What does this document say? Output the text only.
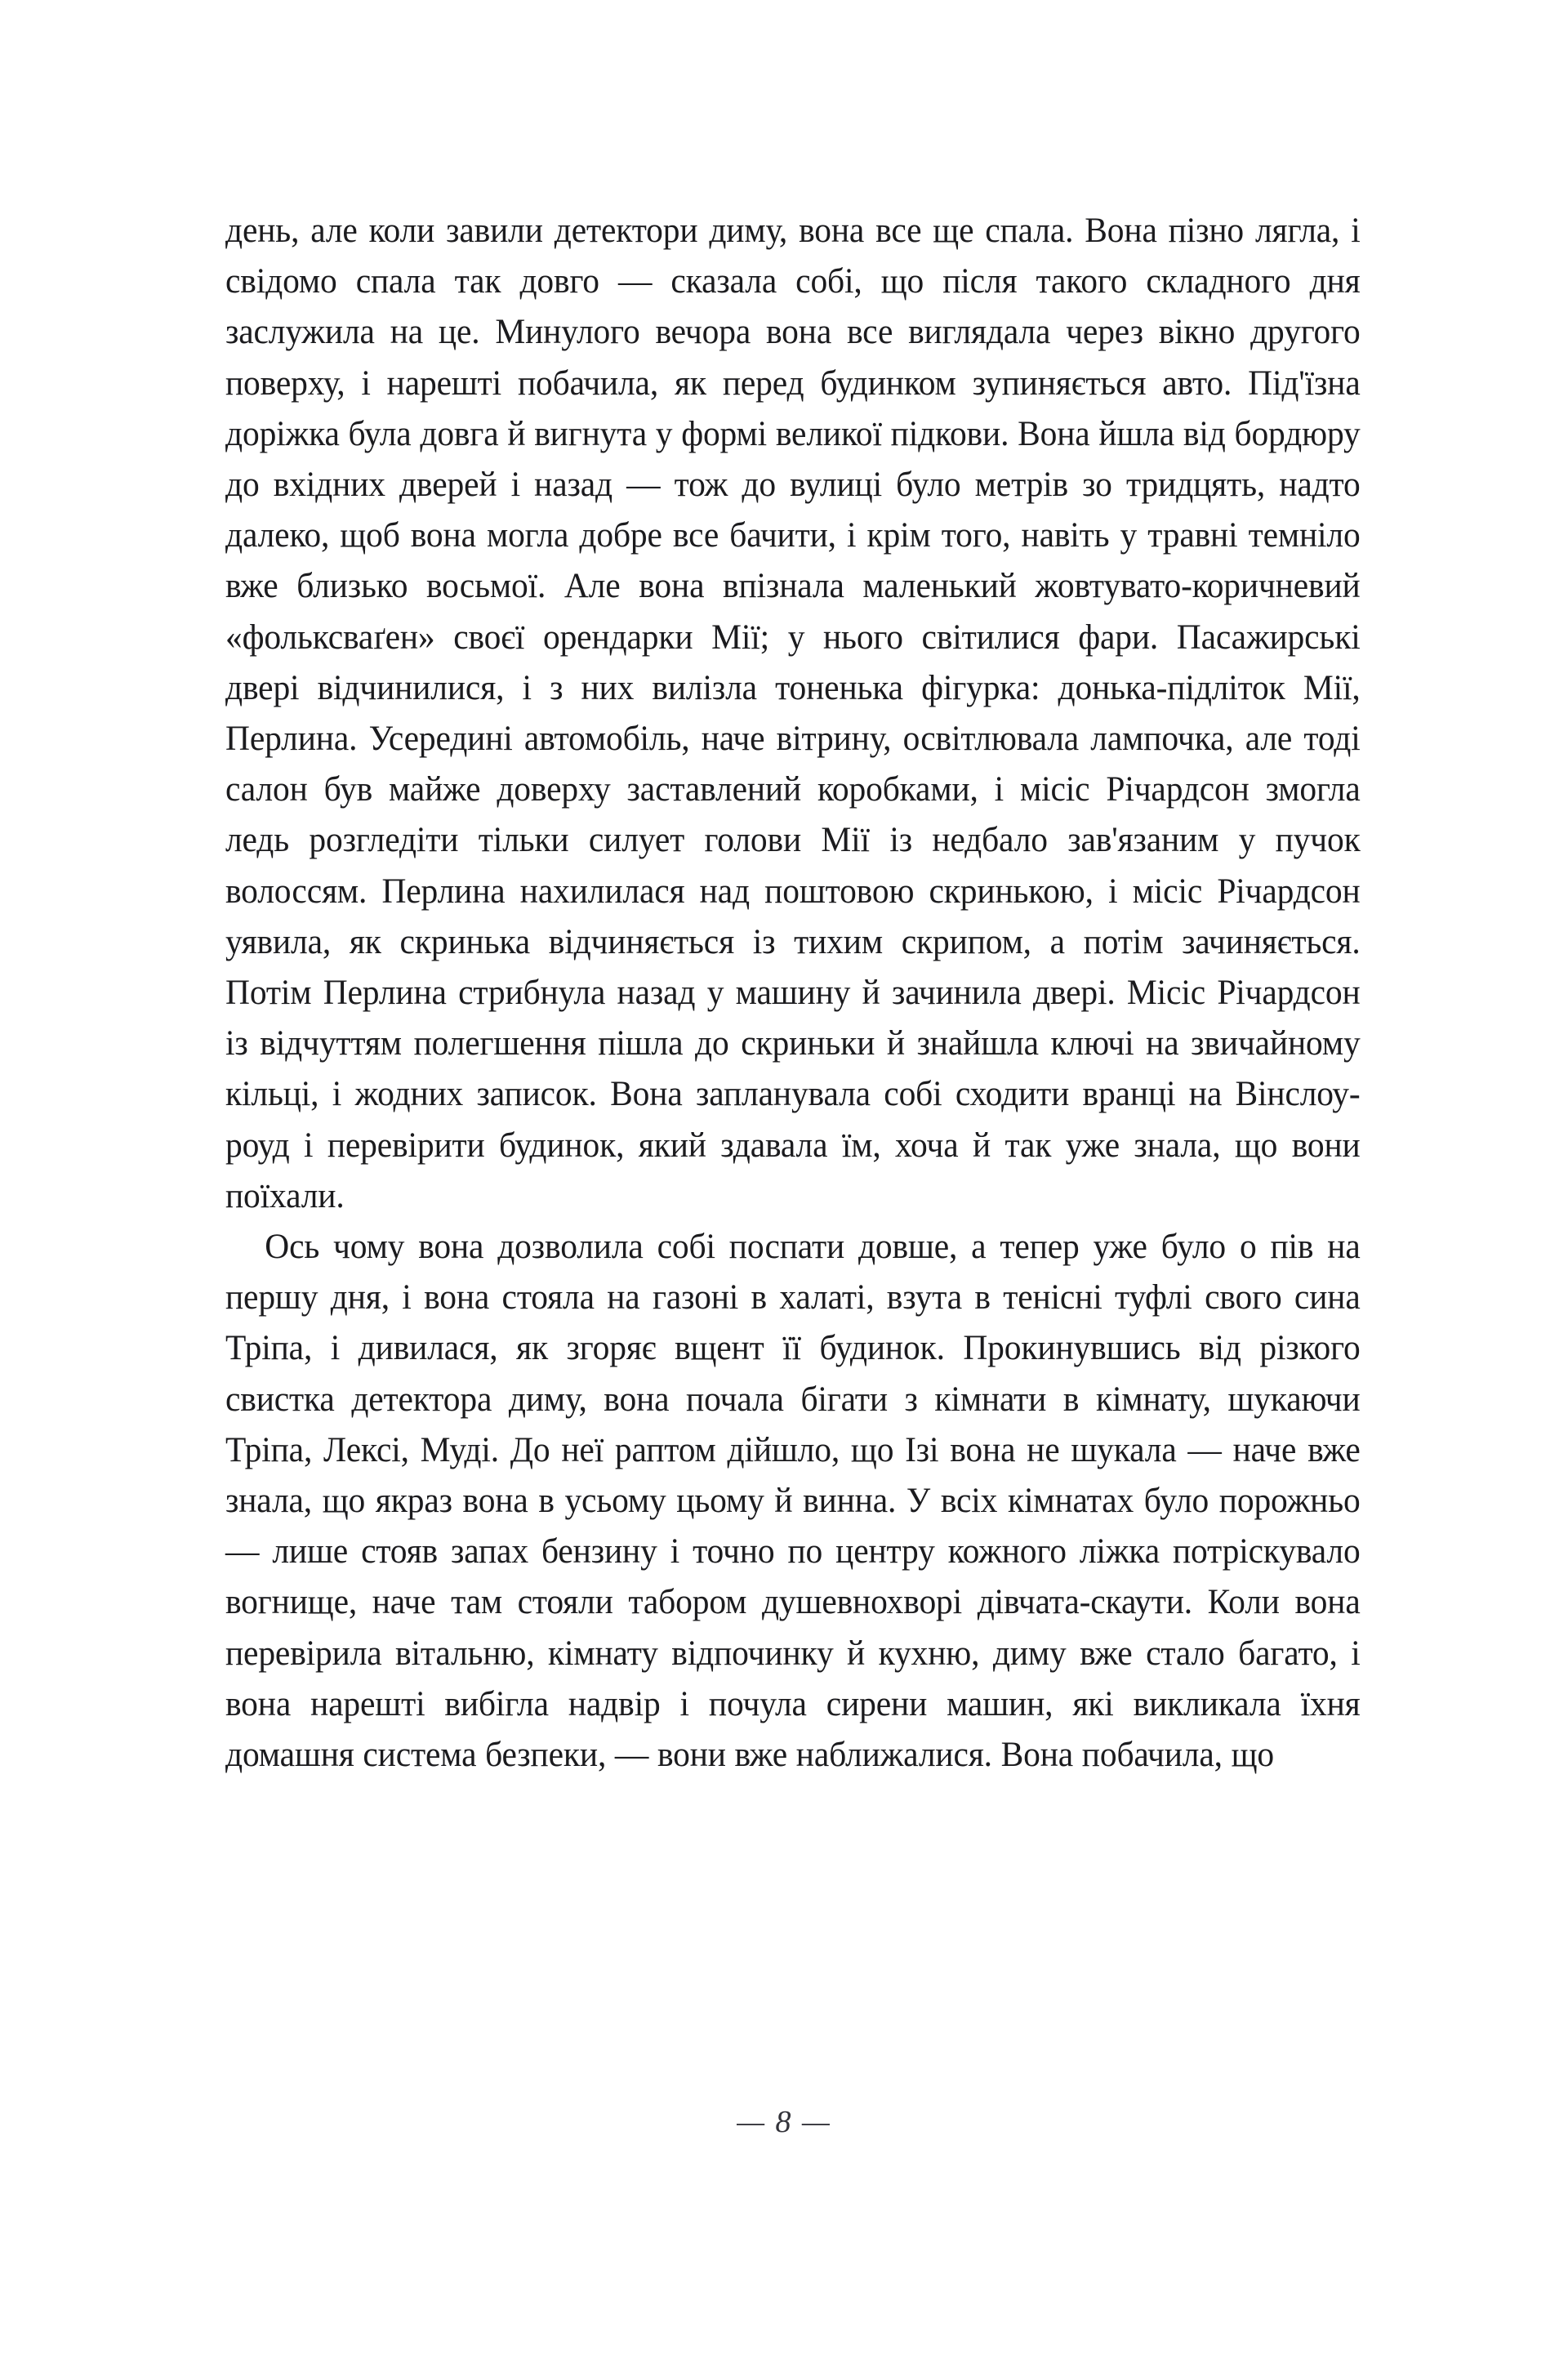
день, але коли завили детектори диму, вона все ще спала. Вона пізно лягла, і свідомо спала так довго — сказала собі, що після такого складного дня заслужила на це. Минулого вечора вона все виглядала через вікно другого поверху, і нарешті побачила, як перед будинком зупиняється авто. Під'їзна доріжка була довга й вигнута у формі великої підкови. Вона йшла від бордюру до вхідних дверей і назад — тож до вулиці було метрів зо тридцять, надто далеко, щоб вона могла добре все бачити, і крім того, навіть у травні темніло вже близько восьмої. Але вона впізнала маленький жовтувато-коричневий «фольксваґен» своєї орендарки Мії; у нього світилися фари. Пасажирські двері відчинилися, і з них вилізла тоненька фігурка: донька-підліток Мії, Перлина. Усередині автомобіль, наче вітрину, освітлювала лампочка, але тоді салон був майже доверху заставлений коробками, і місіс Річардсон змогла ледь розгледіти тільки силует голови Мії із недбало зав'язаним у пучок волоссям. Перлина нахилилася над поштовою скринькою, і місіс Річардсон уявила, як скринька відчиняється із тихим скрипом, а потім зачиняється. Потім Перлина стрибнула назад у машину й зачинила двері. Місіс Річардсон із відчуттям полегшення пішла до скриньки й знайшла ключі на звичайному кільці, і жодних записок. Вона запланувала собі сходити вранці на Вінслоу-роуд і перевірити будинок, який здавала їм, хоча й так уже знала, що вони поїхали.

Ось чому вона дозволила собі поспати довше, а тепер уже було о пів на першу дня, і вона стояла на газоні в халаті, взута в тенісні туфлі свого сина Тріпа, і дивилася, як згоряє вщент її будинок. Прокинувшись від різкого свистка детектора диму, вона почала бігати з кімнати в кімнату, шукаючи Тріпа, Лексі, Муді. До неї раптом дійшло, що Ізі вона не шукала — наче вже знала, що якраз вона в усьому цьому й винна. У всіх кімнатах було порожньо — лише стояв запах бензину і точно по центру кожного ліжка потріскувало вогнище, наче там стояли табором душевнохворі дівчата-скаути. Коли вона перевірила вітальню, кімнату відпочинку й кухню, диму вже стало багато, і вона нарешті вибігла надвір і почула сирени машин, які викликала їхня домашня система безпеки, — вони вже наближалися. Вона побачила, що

— 8 —
